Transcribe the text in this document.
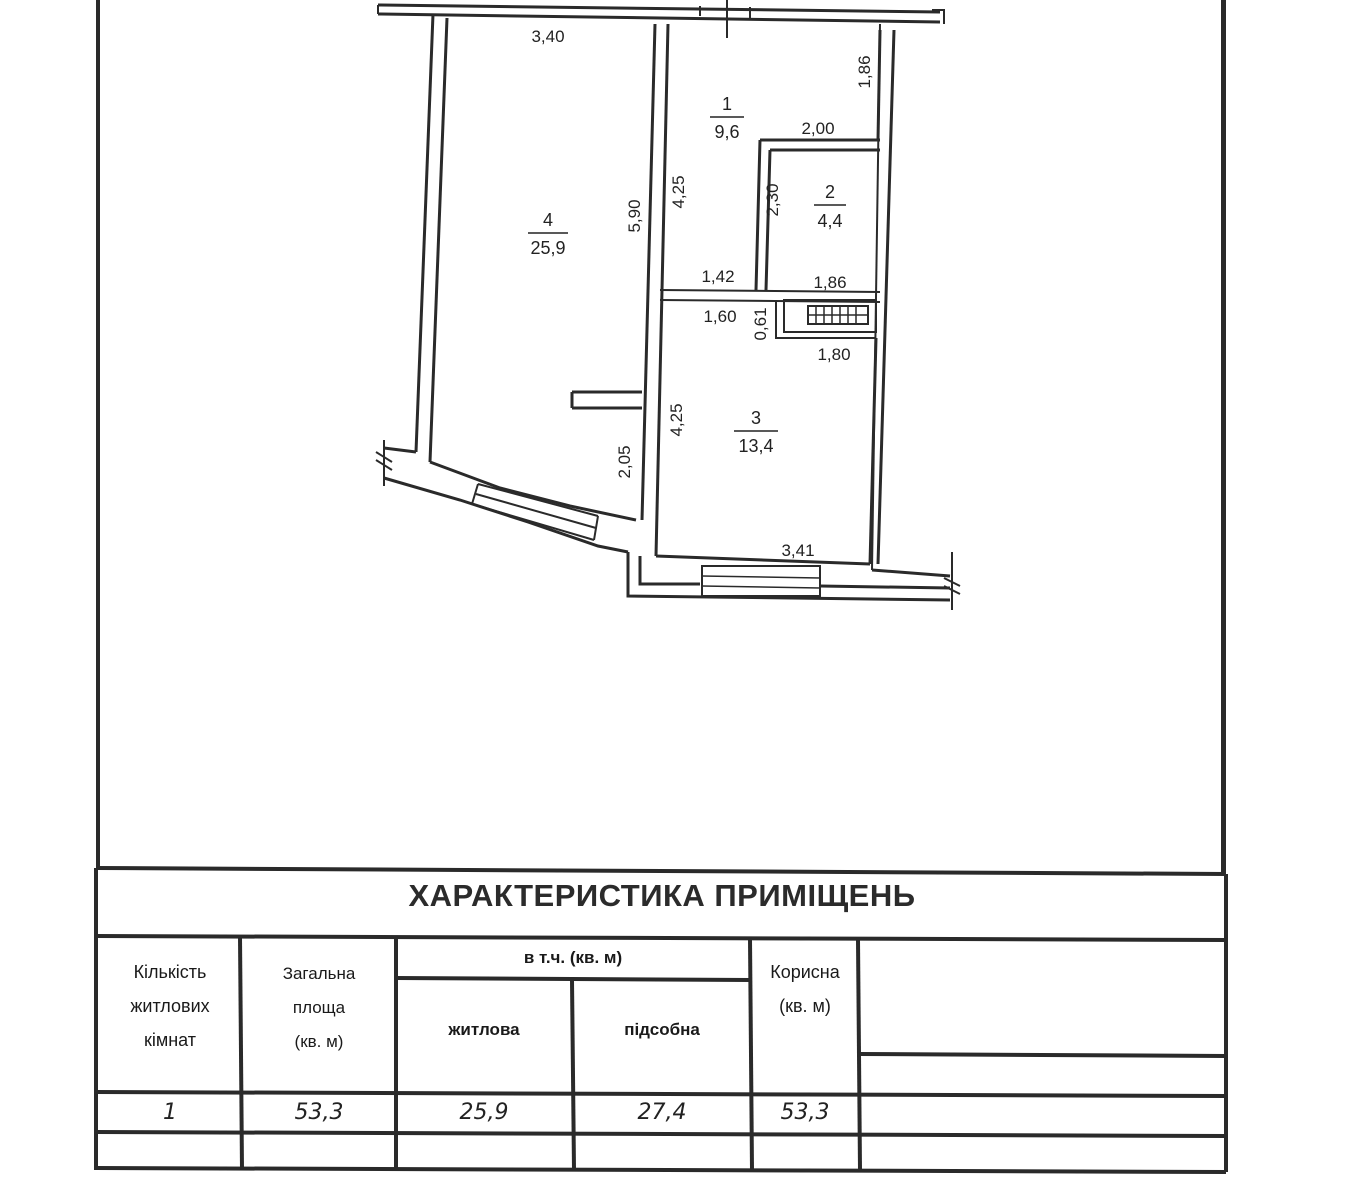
3,40
1,86
2,00
4,25	2,30
5,90
1,42	1,86
1,60 0,61
1,80
4,25
2,05
3,41
1
9,6
2
4,4
3
13,4
4
25,9
ХАРАКТЕРИСТИКА ПРИМІЩЕНЬ
Кількість
житлових
кімнат
Загальна
площа
(кв. м)
в т.ч. (кв. м)
житлова	підсобна
Корисна
(кв. м)
1	53,3	25,9	27,4	53,3
